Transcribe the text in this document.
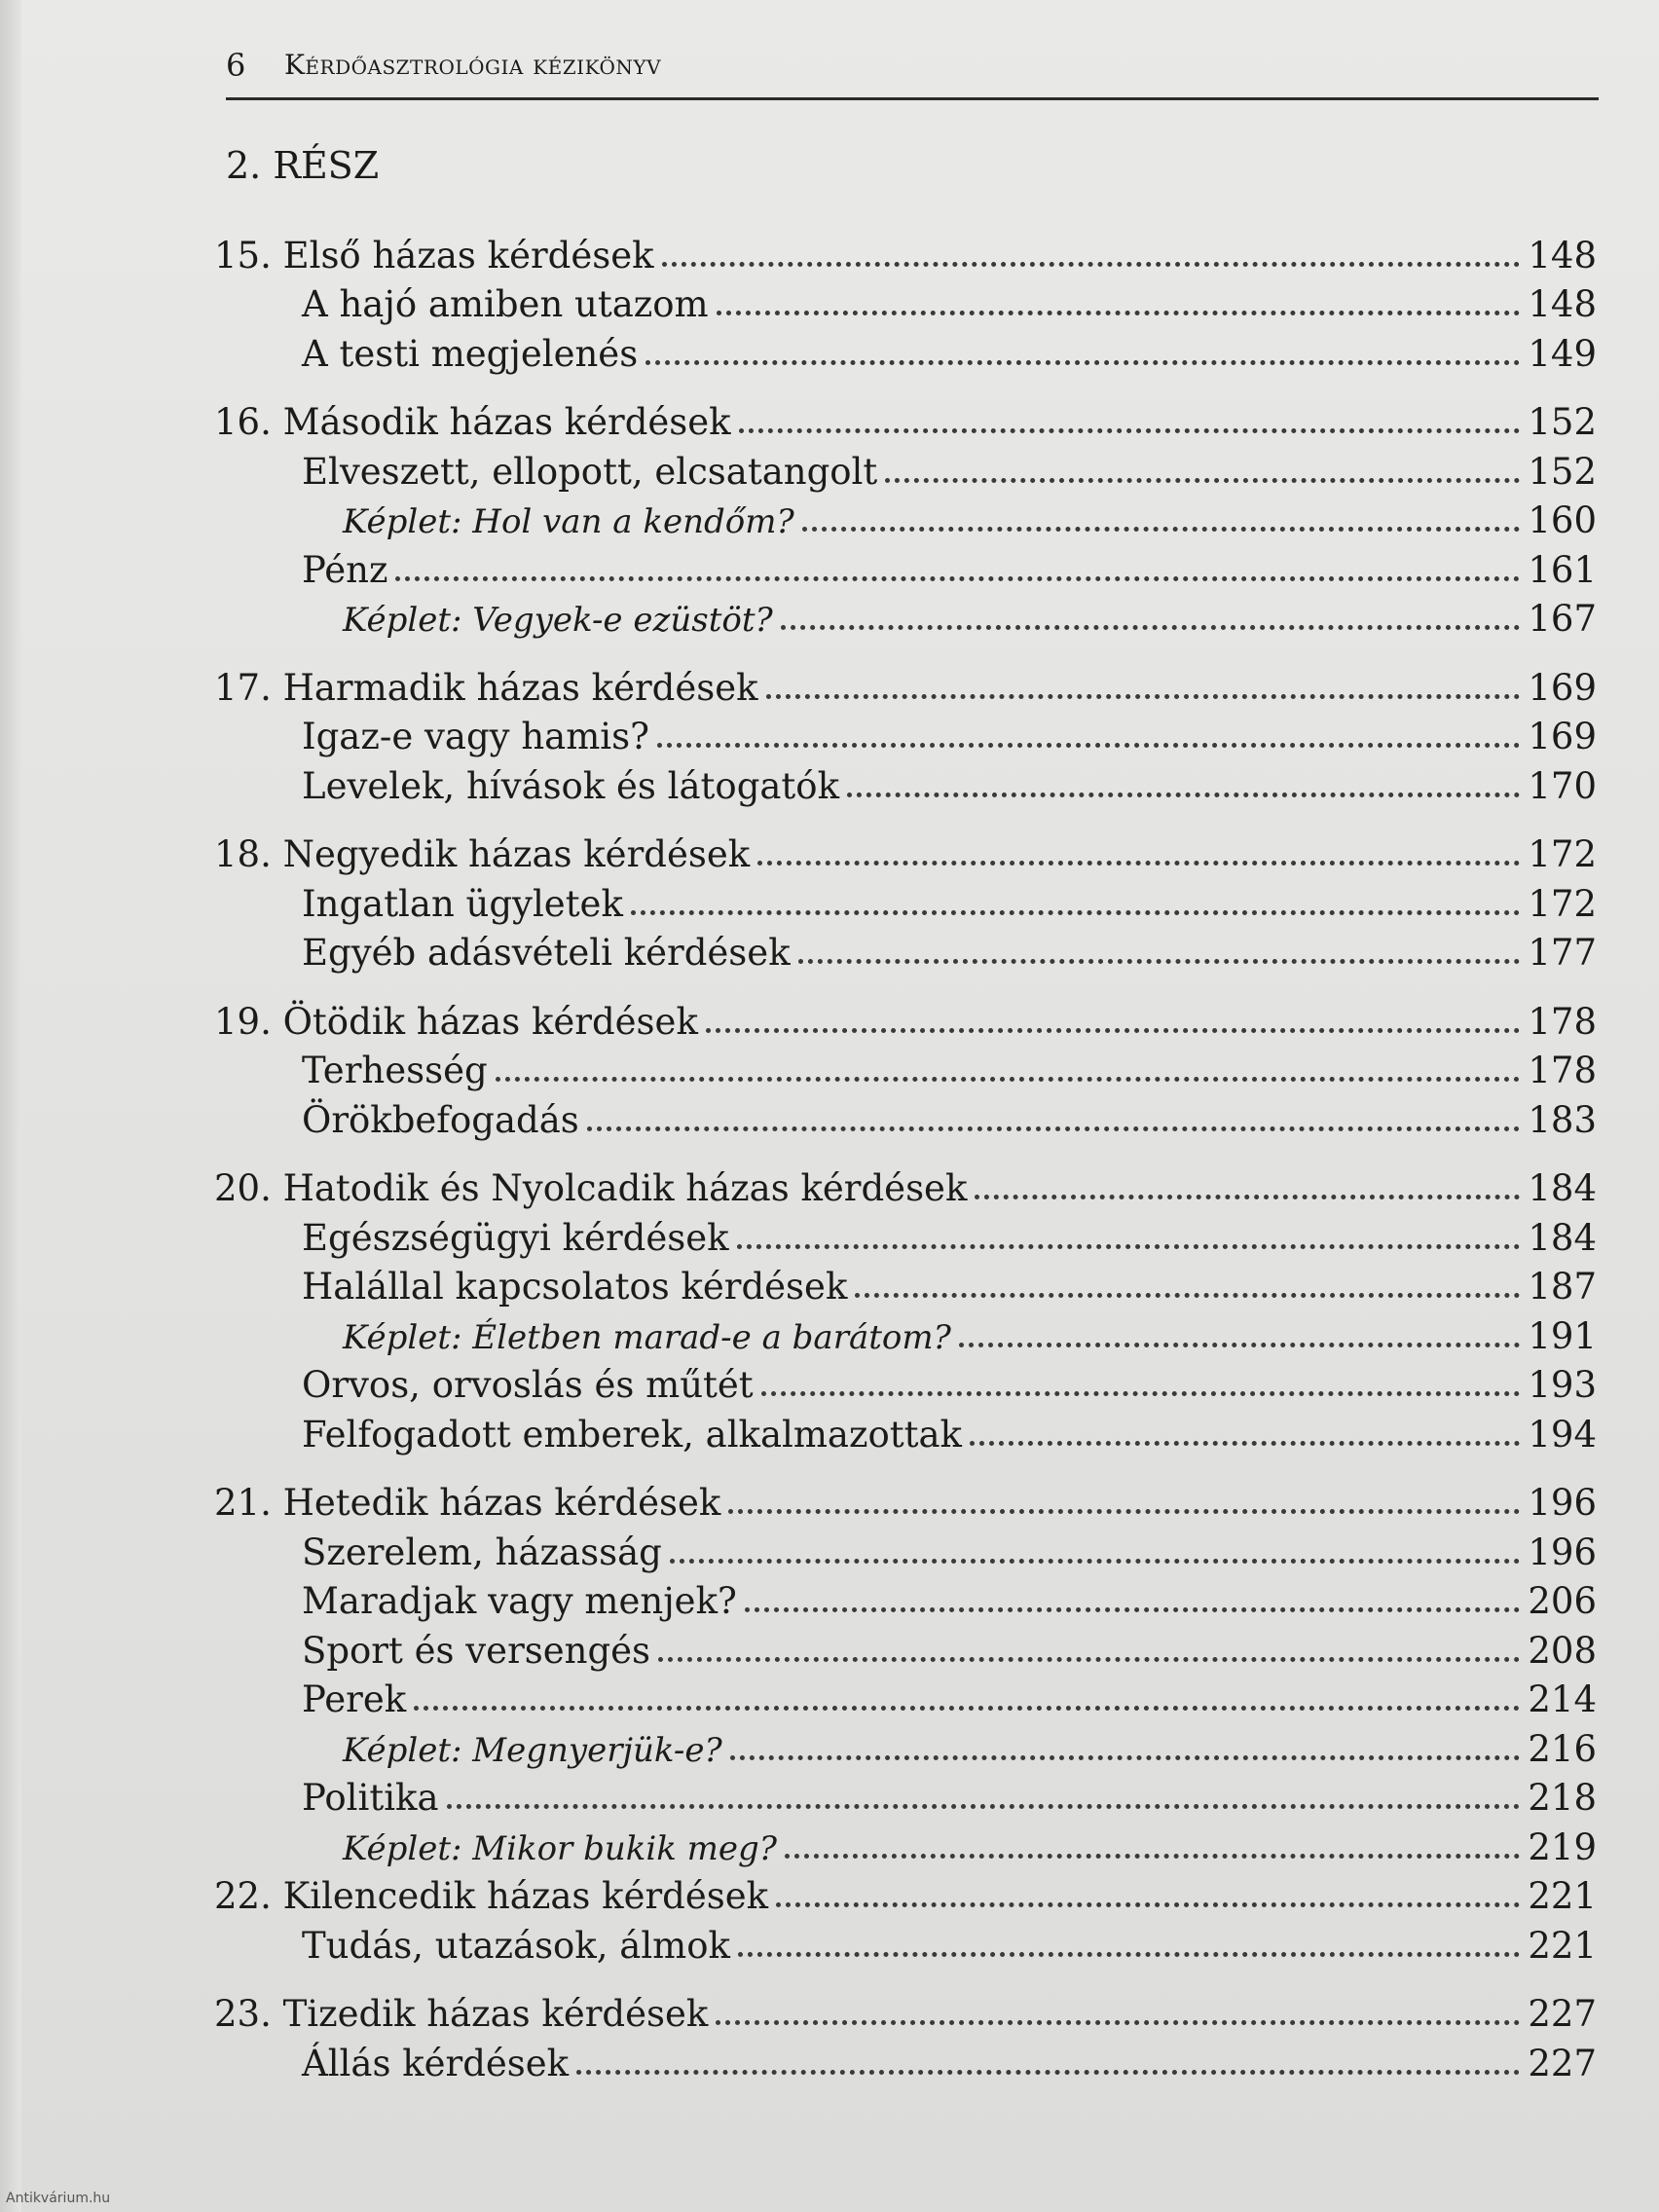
6 Kérdőasztrológia kézikönyv
2. RÉSZ
15. Első házas kérdések	148
A hajó amiben utazom	148
A testi megjelenés	149
16. Második házas kérdések	152
Elveszett, ellopott, elcsatangolt	152
Képlet: Hol van a kendőm?	160
Pénz	161
Képlet: Vegyek-e ezüstöt?	167
17. Harmadik házas kérdések	169
Igaz-e vagy hamis?	169
Levelek, hívások és látogatók	170
18. Negyedik házas kérdések	172
Ingatlan ügyletek	172
Egyéb adásvételi kérdések	177
19. Ötödik házas kérdések	178
Terhesség	178
Örökbefogadás	183
20. Hatodik és Nyolcadik házas kérdések	184
Egészségügyi kérdések	184
Halállal kapcsolatos kérdések	187
Képlet: Életben marad-e a barátom?	191
Orvos, orvoslás és műtét	193
Felfogadott emberek, alkalmazottak	194
21. Hetedik házas kérdések	196
Szerelem, házasság	196
Maradjak vagy menjek?	206
Sport és versengés	208
Perek	214
Képlet: Megnyerjük-e?	216
Politika	218
Képlet: Mikor bukik meg?	219
22. Kilencedik házas kérdések	221
Tudás, utazások, álmok	221
23. Tizedik házas kérdések	227
Állás kérdések	227
Antikvárium.hu
